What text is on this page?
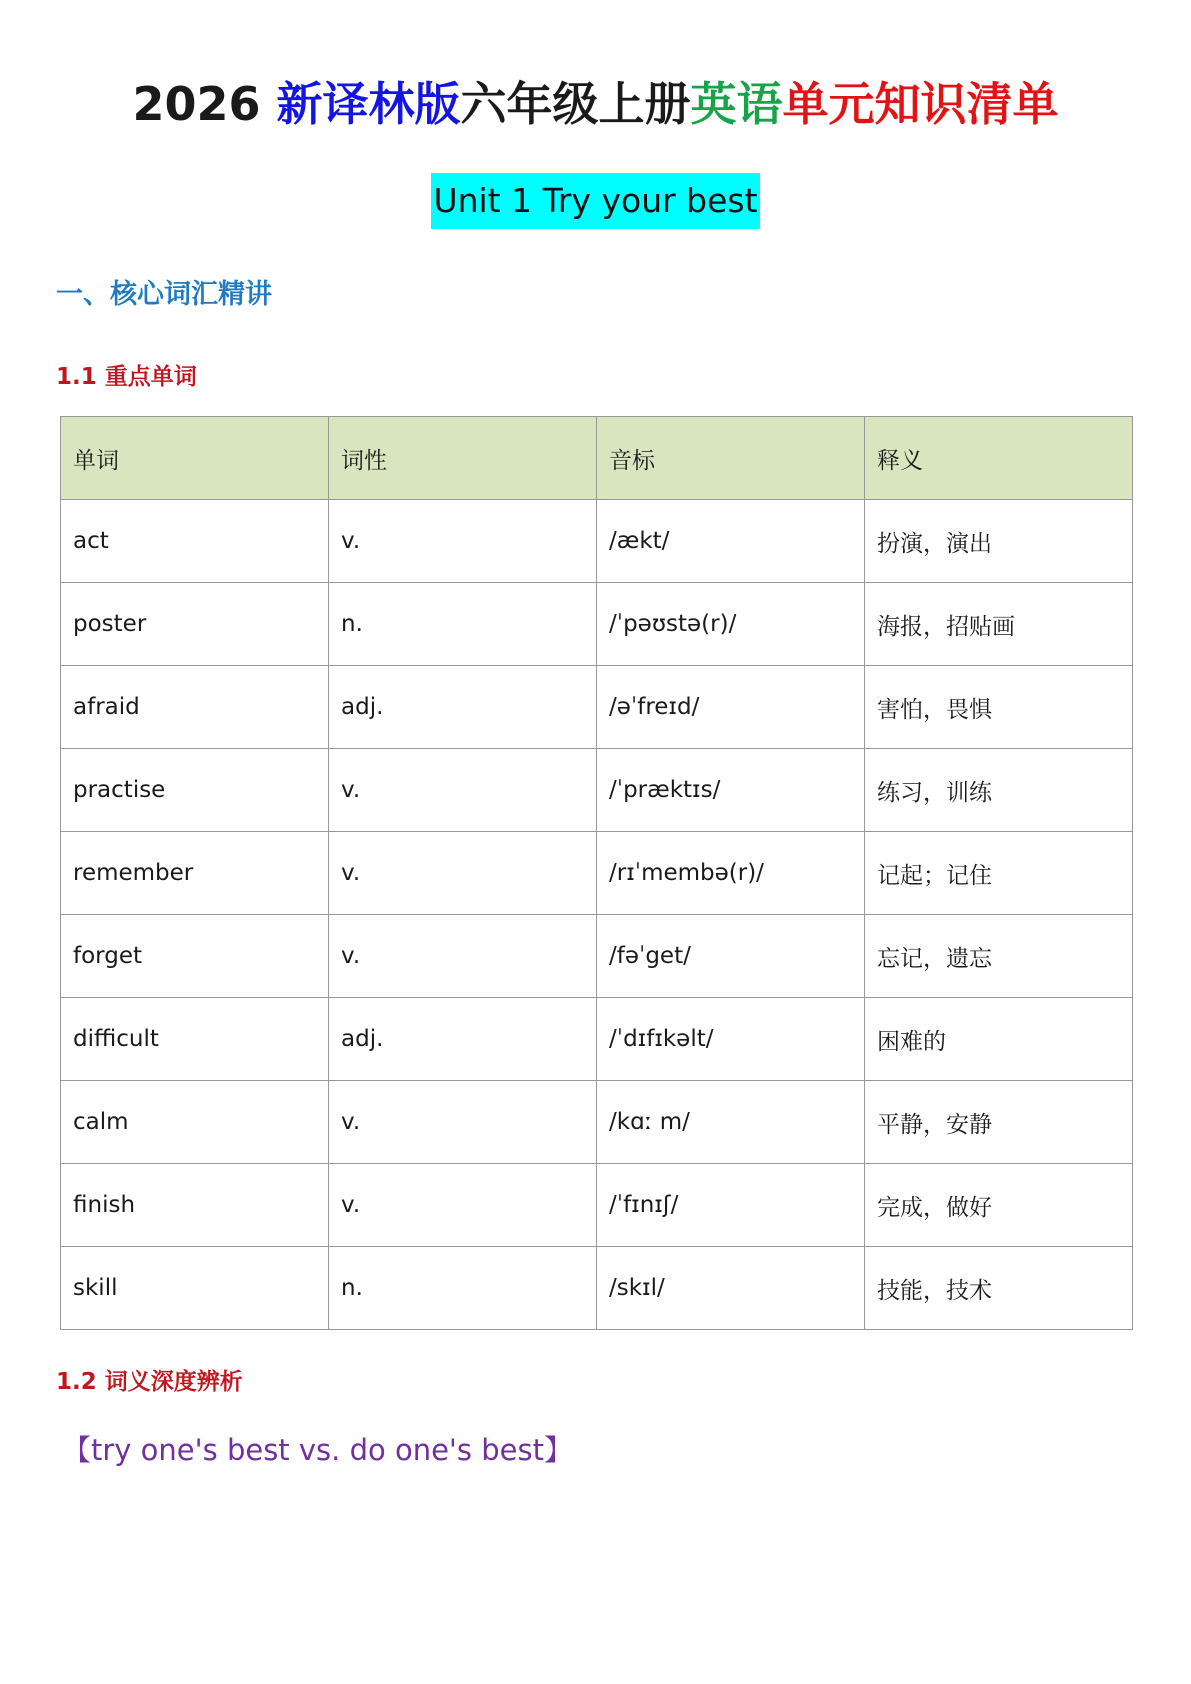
2026 新译林版六年级上册英语单元知识清单
Unit 1 Try your best
一、核心词汇精讲
1.1 重点单词
单词	词性	音标	释义
act	v.	/ækt/	扮演，演出
poster	n.	/ˈpəʊstə(r)/	海报，招贴画
afraid	adj.	/əˈfreɪd/	害怕，畏惧
practise	v.	/ˈpræktɪs/	练习，训练
remember	v.	/rɪˈmembə(r)/	记起；记住
forget	v.	/fəˈget/	忘记，遗忘
difficult	adj.	/ˈdɪfɪkəlt/	困难的
calm	v.	/kɑː m/	平静，安静
finish	v.	/ˈfɪnɪʃ/	完成，做好
skill	n.	/skɪl/	技能，技术
1.2 词义深度辨析
【try one's best vs. do one's best】
